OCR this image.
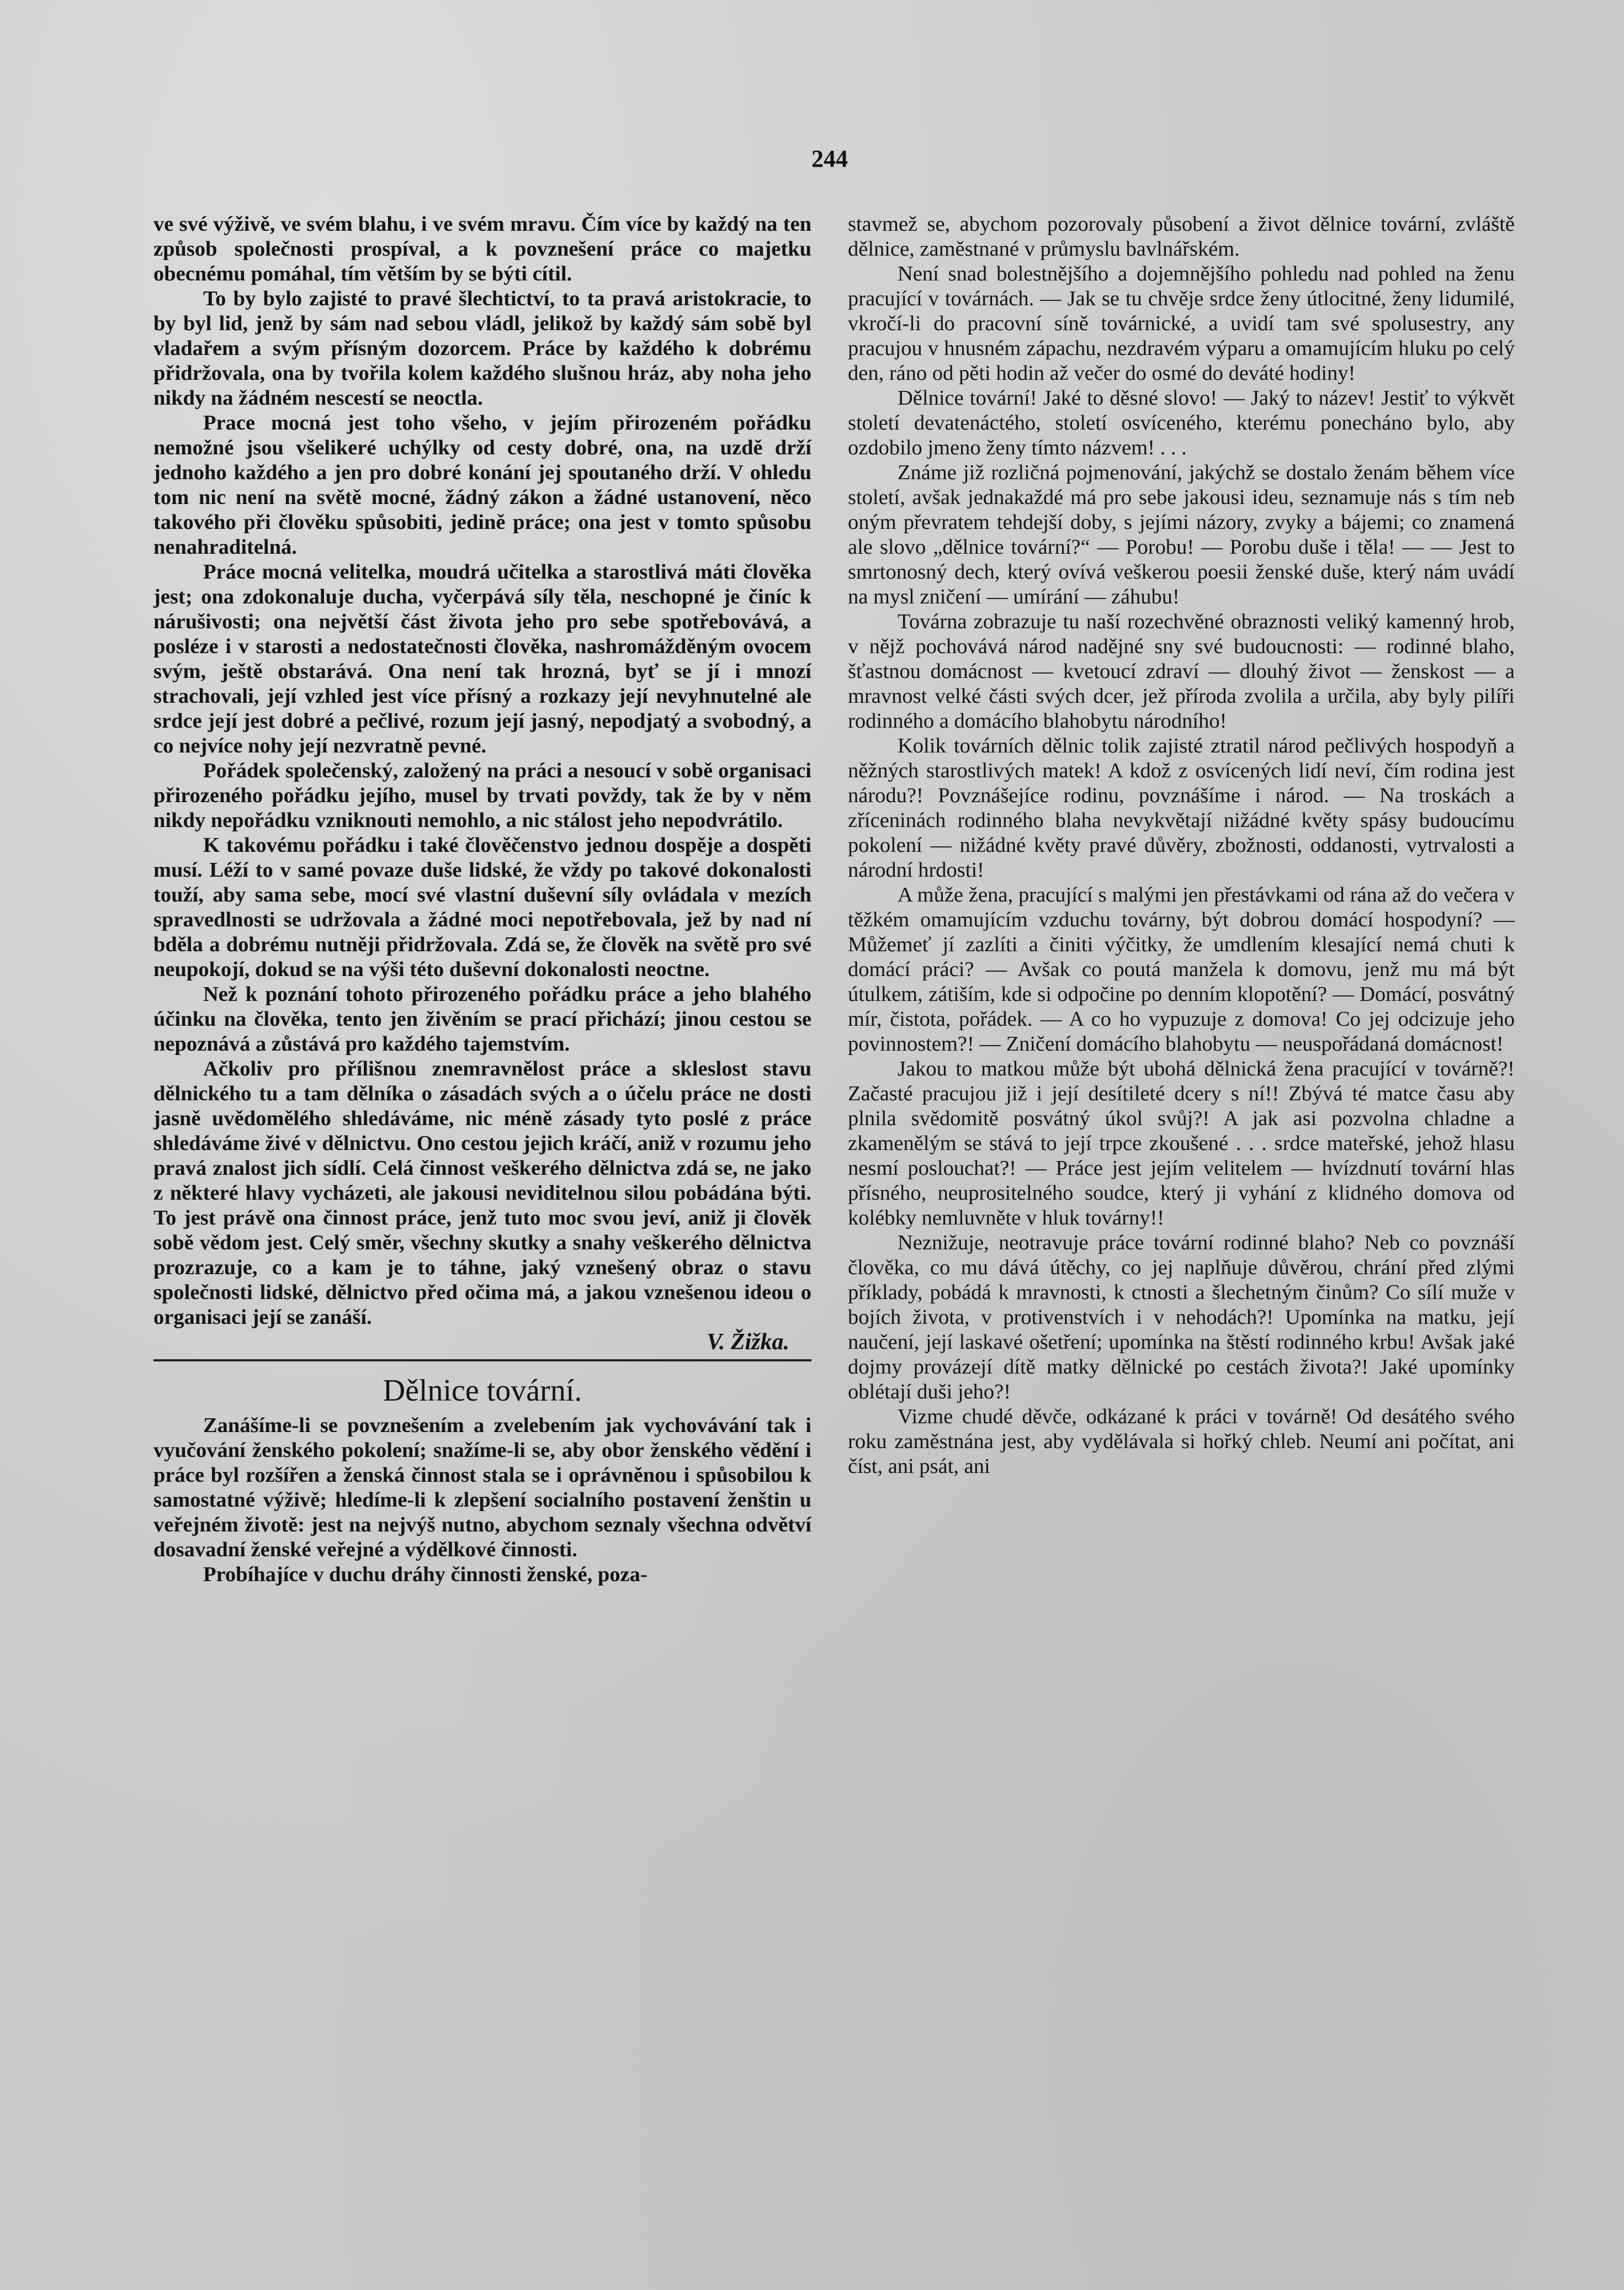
244

ve své výživě, ve svém blahu, i ve svém mravu. Čím více by každý na ten způsob společnosti prospíval, a k povznešení práce co majetku obecnému pomáhal, tím větším by se býti cítil.

To by bylo zajisté to pravé šlechtictví, to ta pravá aristokracie, to by byl lid, jenž by sám nad sebou vládl, jelikož by každý sám sobě byl vladařem a svým přísným dozorcem. Práce by každého k dobrému přidržovala, ona by tvořila kolem každého slušnou hráz, aby noha jeho nikdy na žádném nescestí se neoctla.

Prace mocná jest toho všeho, v jejím přirozeném pořádku nemožné jsou všelikeré uchýlky od cesty dobré, ona, na uzdě drží jednoho každého a jen pro dobré konání jej spoutaného drží. V ohledu tom nic není na světě mocné, žádný zákon a žádné ustanovení, něco takového při člověku spůsobiti, jedině práce; ona jest v tomto spůsobu nenahraditelná.

Práce mocná velitelka, moudrá učitelka a starostlivá máti člověka jest; ona zdokonaluje ducha, vyčerpává síly těla, neschopné je činíc k nárušivosti; ona největší část života jeho pro sebe spotřebovává, a posléze i v starosti a nedostatečnosti člověka, nashromážděným ovocem svým, ještě obstarává. Ona není tak hrozná, byť se jí i mnozí strachovali, její vzhled jest více přísný a rozkazy její nevyhnutelné ale srdce její jest dobré a pečlivé, rozum její jasný, nepodjatý a svobodný, a co nejvíce nohy její nezvratně pevné.

Pořádek společenský, založený na práci a nesoucí v sobě organisaci přirozeného pořádku jejího, musel by trvati povždy, tak že by v něm nikdy nepořádku vzniknouti nemohlo, a nic stálost jeho nepodvrátilo.

K takovému pořádku i také člověčenstvo jednou dospěje a dospěti musí. Léží to v samé povaze duše lidské, že vždy po takové dokonalosti touží, aby sama sebe, mocí své vlastní duševní síly ovládala v mezích spravedlnosti se udržovala a žádné moci nepotřebovala, jež by nad ní bděla a dobrému nutněji přidržovala. Zdá se, že člověk na světě pro své neupokojí, dokud se na výši této duševní dokonalosti neoctne.

Než k poznání tohoto přirozeného pořádku práce a jeho blahého účinku na člověka, tento jen živěním se prací přichází; jinou cestou se nepoznává a zůstává pro každého tajemstvím.

Ačkoliv pro přílišnou znemravnělost práce a skleslost stavu dělnického tu a tam dělníka o zásadách svých a o účelu práce ne dosti jasně uvědomělého shledáváme, nic méně zásady tyto poslé z práce shledáváme živé v dělnictvu. Ono cestou jejich kráčí, aniž v rozumu jeho pravá znalost jich sídlí. Celá činnost veškerého dělnictva zdá se, ne jako z některé hlavy vycházeti, ale jakousi neviditelnou silou pobádána býti. To jest právě ona činnost práce, jenž tuto moc svou jeví, aniž ji člověk sobě vědom jest. Celý směr, všechny skutky a snahy veškerého dělnictva prozrazuje, co a kam je to táhne, jaký vznešený obraz o stavu společnosti lidské, dělnictvo před očima má, a jakou vznešenou ideou o organisaci její se zanáší.

V. Žižka.

Dělnice tovární.

Zanášíme-li se povznešením a zvelebením jak vychovávání tak i vyučování ženského pokolení; snažíme-li se, aby obor ženského vědění i práce byl rozšířen a ženská činnost stala se i oprávněnou i spůsobilou k samostatné výživě; hledíme-li k zlepšení socialního postavení ženštin u veřejném životě: jest na nejvýš nutno, abychom seznaly všechna odvětví dosavadní ženské veřejné a výdělkové činnosti.

Probíhajíce v duchu dráhy činnosti ženské, poza-

stavmež se, abychom pozorovaly působení a život dělnice tovární, zvláště dělnice, zaměstnané v průmyslu bavlnářském.

Není snad bolestnějšího a dojemnějšího pohledu nad pohled na ženu pracující v továrnách. — Jak se tu chvěje srdce ženy útlocitné, ženy lidumilé, vkročí-li do pracovní síně továrnické, a uvidí tam své spolusestry, any pracujou v hnusném zápachu, nezdravém výparu a omamujícím hluku po celý den, ráno od pěti hodin až večer do osmé do deváté hodiny!

Dělnice tovární! Jaké to děsné slovo! — Jaký to název! Jestiť to výkvět století devatenáctého, století osvíceného, kterému ponecháno bylo, aby ozdobilo jmeno ženy tímto názvem! . . .

Známe již rozličná pojmenování, jakýchž se dostalo ženám během více století, avšak jednakaždé má pro sebe jakousi ideu, seznamuje nás s tím neb oným převratem tehdejší doby, s jejími názory, zvyky a bájemi; co znamená ale slovo „dělnice tovární?“ — Porobu! — Porobu duše i těla! — — Jest to smrtonosný dech, který ovívá veškerou poesii ženské duše, který nám uvádí na mysl zničení — umírání — záhubu!

Továrna zobrazuje tu naší rozechvěné obraznosti veliký kamenný hrob, v nějž pochovává národ nadějné sny své budoucnosti: — rodinné blaho, šťastnou domácnost — kvetoucí zdraví — dlouhý život — ženskost — a mravnost velké části svých dcer, jež příroda zvolila a určila, aby byly pilíři rodinného a domácího blahobytu národního!

Kolik továrních dělnic tolik zajisté ztratil národ pečlivých hospodyň a něžných starostlivých matek! A kdož z osvícených lidí neví, čím rodina jest národu?! Povznášejíce rodinu, povznášíme i národ. — Na troskách a zříceninách rodinného blaha nevykvětají nižádné květy spásy budoucímu pokolení — nižádné květy pravé důvěry, zbožnosti, oddanosti, vytrvalosti a národní hrdosti!

A může žena, pracující s malými jen přestávkami od rána až do večera v těžkém omamujícím vzduchu továrny, být dobrou domácí hospodyní? — Můžemeť jí zazlíti a činiti výčitky, že umdlením klesající nemá chuti k domácí práci? — Avšak co poutá manžela k domovu, jenž mu má být útulkem, zátiším, kde si odpočine po denním klopotění? — Domácí, posvátný mír, čistota, pořádek. — A co ho vypuzuje z domova! Co jej odcizuje jeho povinnostem?! — Zničení domácího blahobytu — neuspořádaná domácnost!

Jakou to matkou může být ubohá dělnická žena pracující v továrně?! Začasté pracujou již i její desítileté dcery s ní!! Zbývá té matce času aby plnila svědomitě posvátný úkol svůj?! A jak asi pozvolna chladne a zkamenělým se stává to její trpce zkoušené . . . srdce mateřské, jehož hlasu nesmí poslouchat?! — Práce jest jejím velitelem — hvízdnutí tovární hlas přísného, neuprositelného soudce, který ji vyhání z klidného domova od kolébky nemluvněte v hluk továrny!!

Neznižuje, neotravuje práce tovární rodinné blaho? Neb co povznáší člověka, co mu dává útěchy, co jej naplňuje důvěrou, chrání před zlými příklady, pobádá k mravnosti, k ctnosti a šlechetným činům? Co sílí muže v bojích života, v protivenstvích i v nehodách?! Upomínka na matku, její naučení, její laskavé ošetření; upomínka na štěstí rodinného krbu! Avšak jaké dojmy provázejí dítě matky dělnické po cestách života?! Jaké upomínky oblétají duši jeho?!

Vizme chudé děvče, odkázané k práci v továrně! Od desátého svého roku zaměstnána jest, aby vydělávala si hořký chleb. Neumí ani počítat, ani číst, ani psát, ani
